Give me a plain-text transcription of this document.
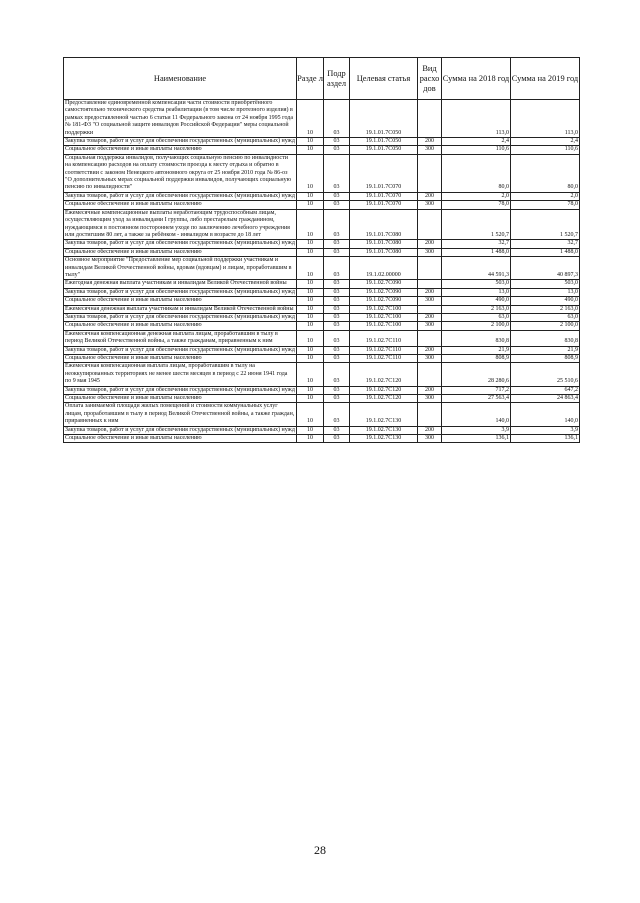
Наименование	Разде л	Подр аздел	Целевая статья	Вид расхо дов	Сумма на 2018 год	Сумма на 2019 год
Предоставление единовременной компенсации части стоимости приобретённого самостоятельно технического средства реабилитации (в том числе протезного изделия) в рамках предоставленной частью 6 статьи 11 Федерального закона от 24 ноября 1995 года № 181-ФЗ "О социальной защите инвалидов Российской Федерации" меры социальной поддержки	10	03	19.1.01.7С050		113,0	113,0
Закупка товаров, работ и услуг для обеспечения государственных (муниципальных) нужд	10	03	19.1.01.7С050	200	2,4	2,4
Социальное обеспечение и иные выплаты населению	10	03	19.1.01.7С050	300	110,6	110,6
Социальная поддержка инвалидов, получающих социальную пенсию по инвалидности на компенсацию расходов на оплату стоимости проезда к месту отдыха и обратно в соответствии с законом Ненецкого автономного округа от 25 ноября 2010 года № 86-оз "О дополнительных мерах социальной поддержки инвалидов, получающих социальную пенсию по инвалидности"	10	03	19.1.01.7С070		80,0	80,0
Закупка товаров, работ и услуг для обеспечения государственных (муниципальных) нужд	10	03	19.1.01.7С070	200	2,0	2,0
Социальное обеспечение и иные выплаты населению	10	03	19.1.01.7С070	300	78,0	78,0
Ежемесячные компенсационные выплаты неработающим трудоспособным лицам, осуществляющим уход за инвалидами I группы, либо престарелым гражданином, нуждающимся в постоянном постороннем уходе по заключению лечебного учреждения или достигшим 80 лет, а также за ребёнком - инвалидом в возрасте до 18 лет	10	03	19.1.01.7С080		1 520,7	1 520,7
Закупка товаров, работ и услуг для обеспечения государственных (муниципальных) нужд	10	03	19.1.01.7С080	200	32,7	32,7
Социальное обеспечение и иные выплаты населению	10	03	19.1.01.7С080	300	1 488,0	1 488,0
Основное мероприятие "Предоставление мер социальной поддержки участникам и инвалидам Великой Отечественной войны, вдовам (вдовцам) и лицам, проработавшим в тылу"	10	03	19.1.02.00000		44 591,3	40 897,3
Ежегодная денежная выплата участникам и инвалидам Великой Отечественной войны	10	03	19.1.02.7С090		503,0	503,0
Закупка товаров, работ и услуг для обеспечения государственных (муниципальных) нужд	10	03	19.1.02.7С090	200	13,0	13,0
Социальное обеспечение и иные выплаты населению	10	03	19.1.02.7С090	300	490,0	490,0
Ежемесячная денежная выплата участникам и инвалидам Великой Отечественной войны	10	03	19.1.02.7С100		2 163,0	2 163,0
Закупка товаров, работ и услуг для обеспечения государственных (муниципальных) нужд	10	03	19.1.02.7С100	200	63,0	63,0
Социальное обеспечение и иные выплаты населению	10	03	19.1.02.7С100	300	2 100,0	2 100,0
Ежемесячная компенсационная денежная выплата лицам, проработавшим в тылу в период Великой Отечественной войны, а также гражданам, приравненным к ним	10	03	19.1.02.7С110		830,8	830,8
Закупка товаров, работ и услуг для обеспечения государственных (муниципальных) нужд	10	03	19.1.02.7С110	200	21,9	21,9
Социальное обеспечение и иные выплаты населению	10	03	19.1.02.7С110	300	808,9	808,9
Ежемесячная компенсационная выплата лицам, проработавшим в тылу на неоккупированных территориях не менее шести месяцев в период с 22 июня 1941 года по 9 мая 1945	10	03	19.1.02.7С120		28 280,6	25 510,6
Закупка товаров, работ и услуг для обеспечения государственных (муниципальных) нужд	10	03	19.1.02.7С120	200	717,2	647,2
Социальное обеспечение и иные выплаты населению	10	03	19.1.02.7С120	300	27 563,4	24 863,4
Оплата занимаемой площади жилых помещений и стоимости коммунальных услуг лицам, проработавшим в тылу в период Великой Отечественной войны, а также граждан, приравненных к ним	10	03	19.1.02.7С130		140,0	140,0
Закупка товаров, работ и услуг для обеспечения государственных (муниципальных) нужд	10	03	19.1.02.7С130	200	3,9	3,9
Социальное обеспечение и иные выплаты населению	10	03	19.1.02.7С130	300	136,1	136,1
28
